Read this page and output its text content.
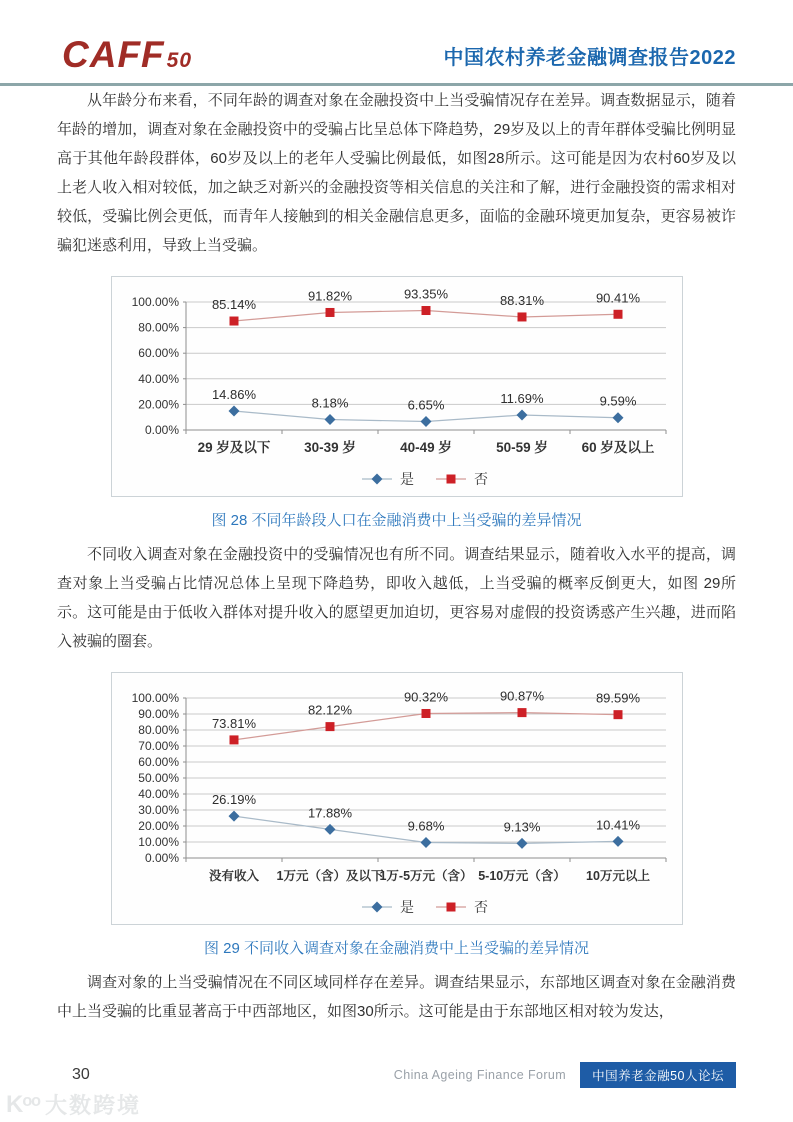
CAFF50	中国农村养老金融调查报告2022

从年龄分布来看，不同年龄的调查对象在金融投资中上当受骗情况存在差异。调查数据显示，随着年龄的增加，调查对象在金融投资中的受骗占比呈总体下降趋势，29岁及以上的青年群体受骗比例明显高于其他年龄段群体，60岁及以上的老年人受骗比例最低，如图28所示。这可能是因为农村60岁及以上老人收入相对较低，加之缺乏对新兴的金融投资等相关信息的关注和了解，进行金融投资的需求相对较低，受骗比例会更低，而青年人接触到的相关金融信息更多，面临的金融环境更加复杂，更容易被诈骗犯迷惑利用，导致上当受骗。

0.00%
20.00%
40.00%
60.00%
80.00%
100.00%
29 岁及以下 30-39 岁	40-49 岁	50-59 岁 60 岁及以上
14.86%
8.18%	6.65%	11.69%	9.59%
85.14%
91.82%	93.35%	88.31%	90.41%
是	否
图 28 不同年龄段人口在金融消费中上当受骗的差异情况

不同收入调查对象在金融投资中的受骗情况也有所不同。调查结果显示，随着收入水平的提高，调查对象上当受骗占比情况总体上呈现下降趋势，即收入越低，上当受骗的概率反倒更大，如图 29所示。这可能是由于低收入群体对提升收入的愿望更加迫切，更容易对虚假的投资诱惑产生兴趣，进而陷入被骗的圈套。

0.00%
10.00%
20.00%
30.00%
40.00%
50.00%
60.00%
70.00%
80.00%
90.00%
100.00%
没有收入 1万元（含）及以下
1万-5万元（含） 5-10万元（含） 10万元以上
26.19%
17.88%
9.68%	9.13%	10.41%
73.81%
82.12%
90.32%	90.87%	89.59%
是	否
图 29 不同收入调查对象在金融消费中上当受骗的差异情况

调查对象的上当受骗情况在不同区域同样存在差异。调查结果显示，东部地区调查对象在金融消费中上当受骗的比重显著高于中西部地区，如图30所示。这可能是由于东部地区相对较为发达，

30	China Ageing Finance Forum	中国养老金融50人论坛
Kᵒᵒ 大数跨境
